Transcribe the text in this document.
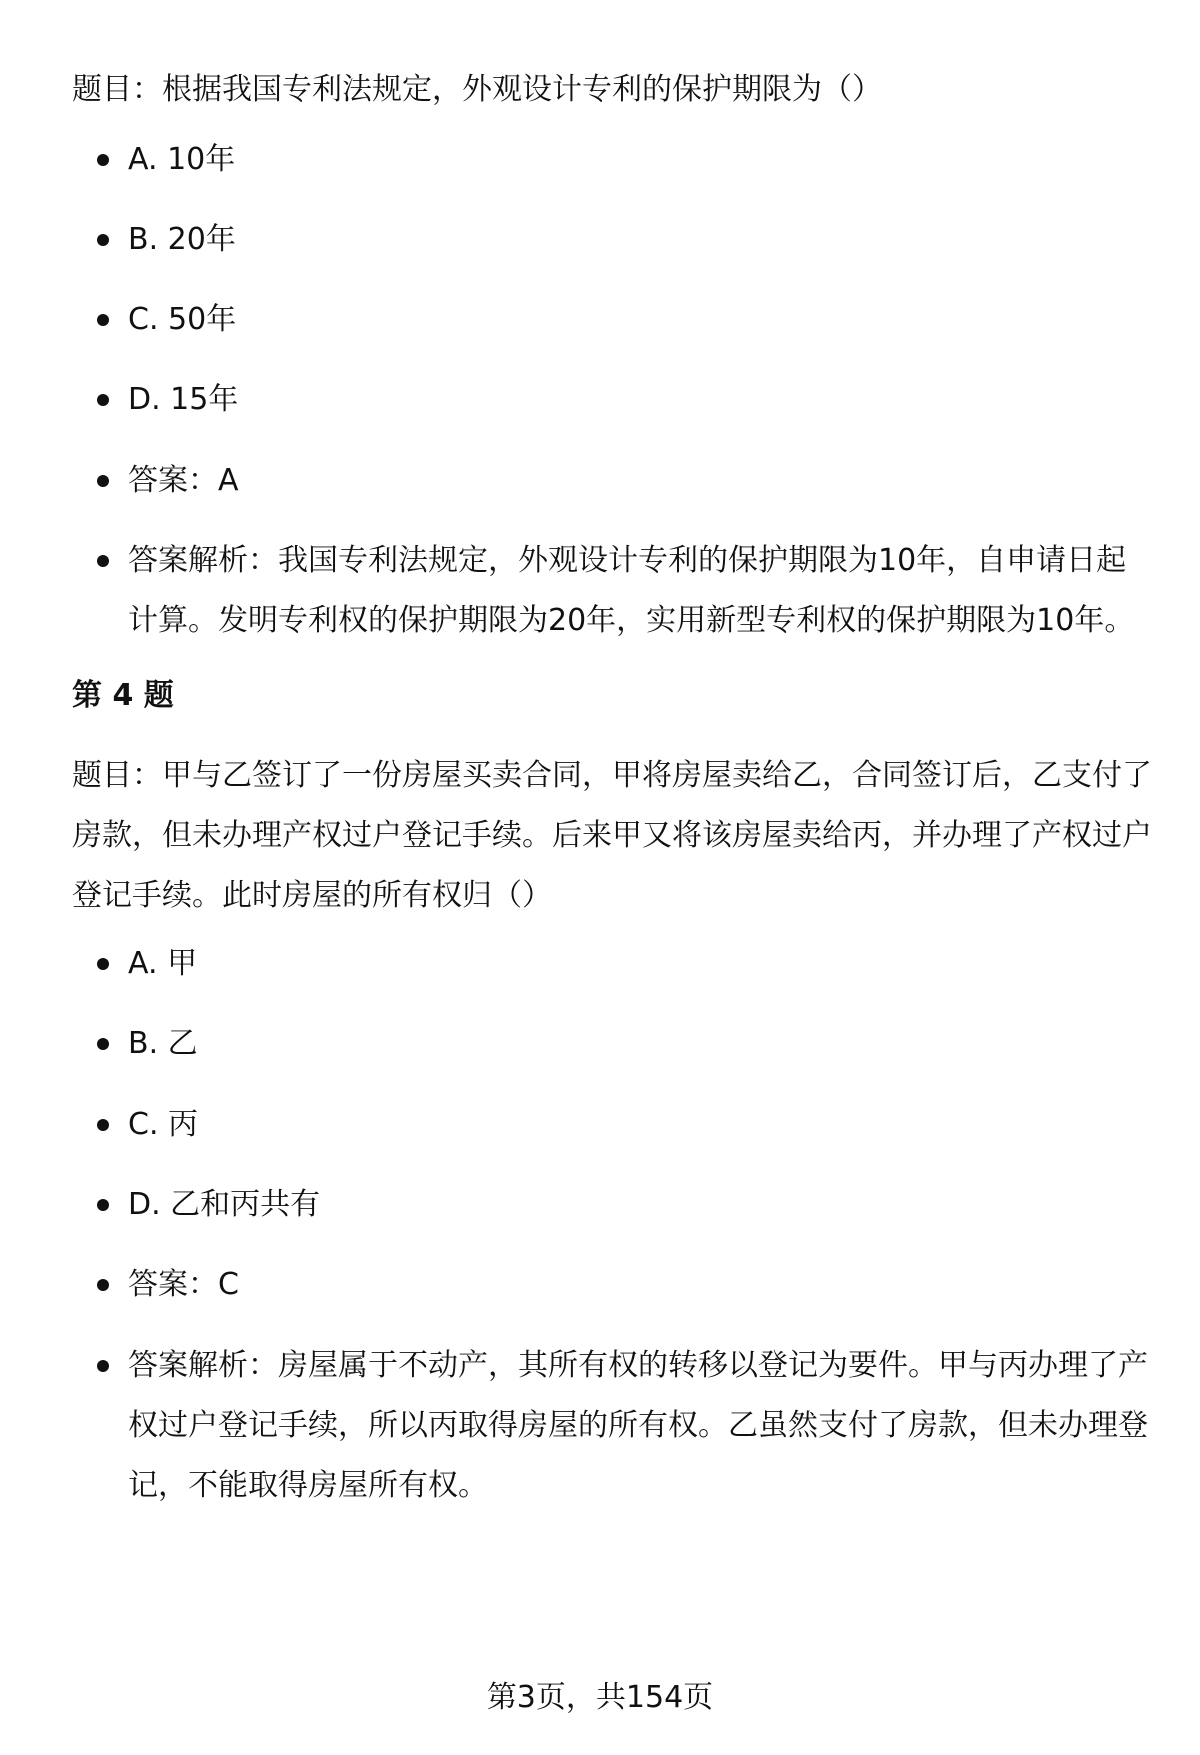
题目：根据我国专利法规定，外观设计专利的保护期限为（）

A. 10年

B. 20年

C. 50年

D. 15年

答案：A

答案解析：我国专利法规定，外观设计专利的保护期限为10年，自申请日起计算。发明专利权的保护期限为20年，实用新型专利权的保护期限为10年。

第 4 题

题目：甲与乙签订了一份房屋买卖合同，甲将房屋卖给乙，合同签订后，乙支付了房款，但未办理产权过户登记手续。后来甲又将该房屋卖给丙，并办理了产权过户登记手续。此时房屋的所有权归（）

A. 甲

B. 乙

C. 丙

D. 乙和丙共有

答案：C

答案解析：房屋属于不动产，其所有权的转移以登记为要件。甲与丙办理了产权过户登记手续，所以丙取得房屋的所有权。乙虽然支付了房款，但未办理登记，不能取得房屋所有权。

第3页，共154页
